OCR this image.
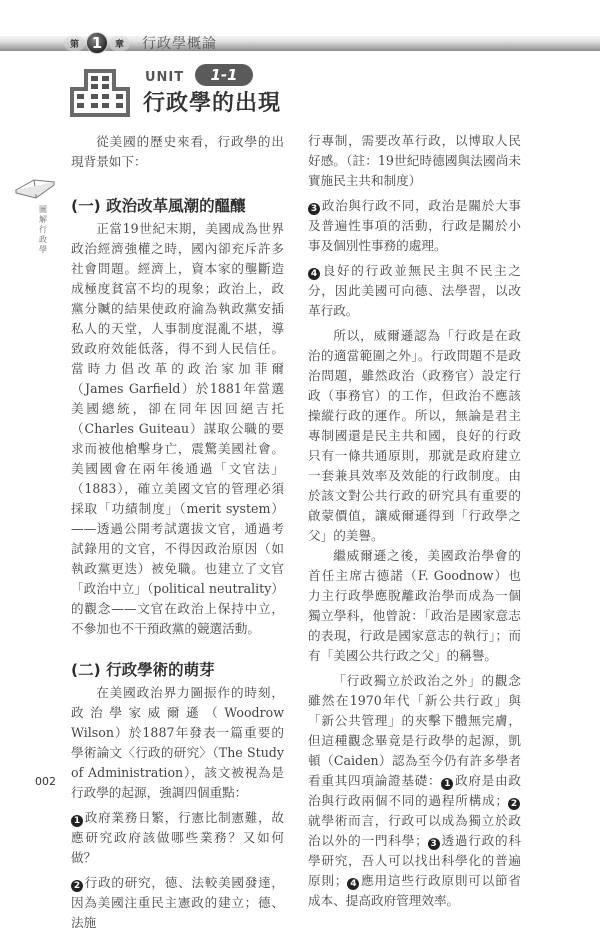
第 1	章	行政學概論
UNIT	1-1
行政學的出現
圖解行政學

從美國的歷史來看，行政學的出現背景如下：

(一) 政治改革風潮的醞釀

正當19世紀末期，美國成為世界政治經濟強權之時，國內卻充斥許多社會問題。經濟上，資本家的壟斷造成極度貧富不均的現象；政治上，政黨分贓的結果使政府淪為執政黨安插私人的天堂，人事制度混亂不堪，導致政府效能低落，得不到人民信任。當時力倡改革的政治家加菲爾（James Garfield）於1881年當選美國總統，卻在同年因回絕吉托（Charles Guiteau）謀取公職的要求而被他槍擊身亡，震驚美國社會。美國國會在兩年後通過「文官法」（1883），確立美國文官的管理必須採取「功績制度」（merit system）——透過公開考試選拔文官，通過考試錄用的文官，不得因政治原因（如執政黨更迭）被免職。也建立了文官「政治中立」（political neutrality）的觀念——文官在政治上保持中立，不參加也不干預政黨的競選活動。

(二) 行政學術的萌芽

在美國政治界力圖振作的時刻，政治學家威爾遜（Woodrow Wilson）於1887年發表一篇重要的學術論文〈行政的研究〉（The Study of Administration），該文被視為是行政學的起源，強調四個重點：

1 政府業務日繁，行憲比制憲難，故應研究政府該做哪些業務？又如何做？

2 行政的研究，德、法較美國發達，因為美國注重民主憲政的建立；德、法施

行專制，需要改革行政，以博取人民好感。（註：19世紀時德國與法國尚未實施民主共和制度）

3 政治與行政不同，政治是關於大事及普遍性事項的活動，行政是關於小事及個別性事務的處理。

4 良好的行政並無民主與不民主之分，因此美國可向德、法學習，以改革行政。

所以，威爾遜認為「行政是在政治的適當範圍之外」。行政問題不是政治問題，雖然政治（政務官）設定行政（事務官）的工作，但政治不應該操縱行政的運作。所以，無論是君主專制國還是民主共和國，良好的行政只有一條共通原則，那就是政府建立一套兼具效率及效能的行政制度。由於該文對公共行政的研究具有重要的啟蒙價值，讓威爾遜得到「行政學之父」的美譽。

繼威爾遜之後，美國政治學會的首任主席古德諾（F. Goodnow）也力主行政學應脫離政治學而成為一個獨立學科，他曾說：「政治是國家意志的表現，行政是國家意志的執行」；而有「美國公共行政之父」的稱譽。

「行政獨立於政治之外」的觀念雖然在1970年代「新公共行政」與「新公共管理」的夾擊下體無完膚，但這種觀念畢竟是行政學的起源，凱頓（Caiden）認為至今仍有許多學者看重其四項論證基礎： 1 政府是由政治與行政兩個不同的過程所構成； 2就學術而言，行政可以成為獨立於政治以外的一門科學； 3 透過行政的科學研究，吾人可以找出科學化的普遍原則； 4 應用這些行政原則可以節省成本、提高政府管理效率。

002
